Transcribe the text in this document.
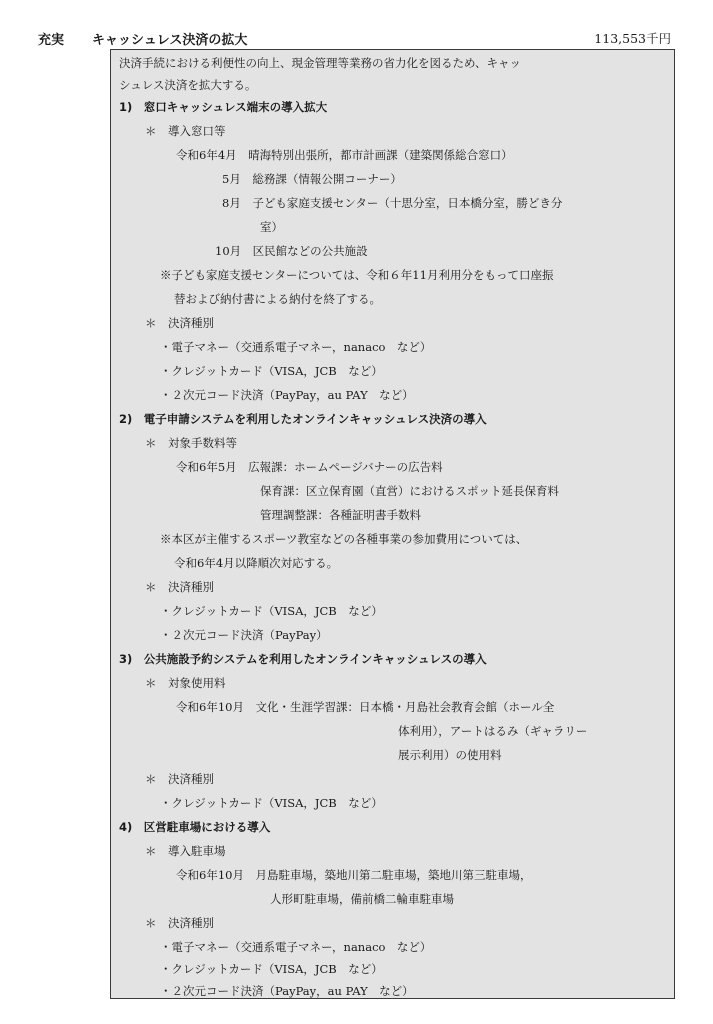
充実 キャッシュレス決済の拡大	113,553千円
決済手続における利便性の向上、現金管理等業務の省力化を図るため、キャッ
シュレス決済を拡大する。
1)　窓口キャッシュレス端末の導入拡大
＊　導入窓口等
令和6年4月　晴海特別出張所，都市計画課（建築関係総合窓口）
5月　総務課（情報公開コーナー）
8月　子ども家庭支援センター（十思分室，日本橋分室，勝どき分
室）
10月　区民館などの公共施設
※子ども家庭支援センターについては、令和６年11月利用分をもって口座振
替および納付書による納付を終了する。
＊　決済種別
・電子マネー（交通系電子マネー，nanaco　など）
・クレジットカード（VISA，JCB　など）
・２次元コード決済（PayPay，au PAY　など）
2)　電子申請システムを利用したオンラインキャッシュレス決済の導入
＊　対象手数料等
令和6年5月　広報課：ホームページバナーの広告料
保育課：区立保育園（直営）におけるスポット延長保育料
管理調整課：各種証明書手数料
※本区が主催するスポーツ教室などの各種事業の参加費用については、
令和6年4月以降順次対応する。
＊　決済種別
・クレジットカード（VISA，JCB　など）
・２次元コード決済（PayPay）
3)　公共施設予約システムを利用したオンラインキャッシュレスの導入
＊　対象使用料
令和6年10月　文化・生涯学習課：日本橋・月島社会教育会館（ホール全
体利用），アートはるみ（ギャラリー
展示利用）の使用料
＊　決済種別
・クレジットカード（VISA，JCB　など）
4)　区営駐車場における導入
＊　導入駐車場
令和6年10月　月島駐車場，築地川第二駐車場，築地川第三駐車場，
人形町駐車場，備前橋二輪車駐車場
＊　決済種別
・電子マネー（交通系電子マネー，nanaco　など）
・クレジットカード（VISA，JCB　など）
・２次元コード決済（PayPay，au PAY　など）
